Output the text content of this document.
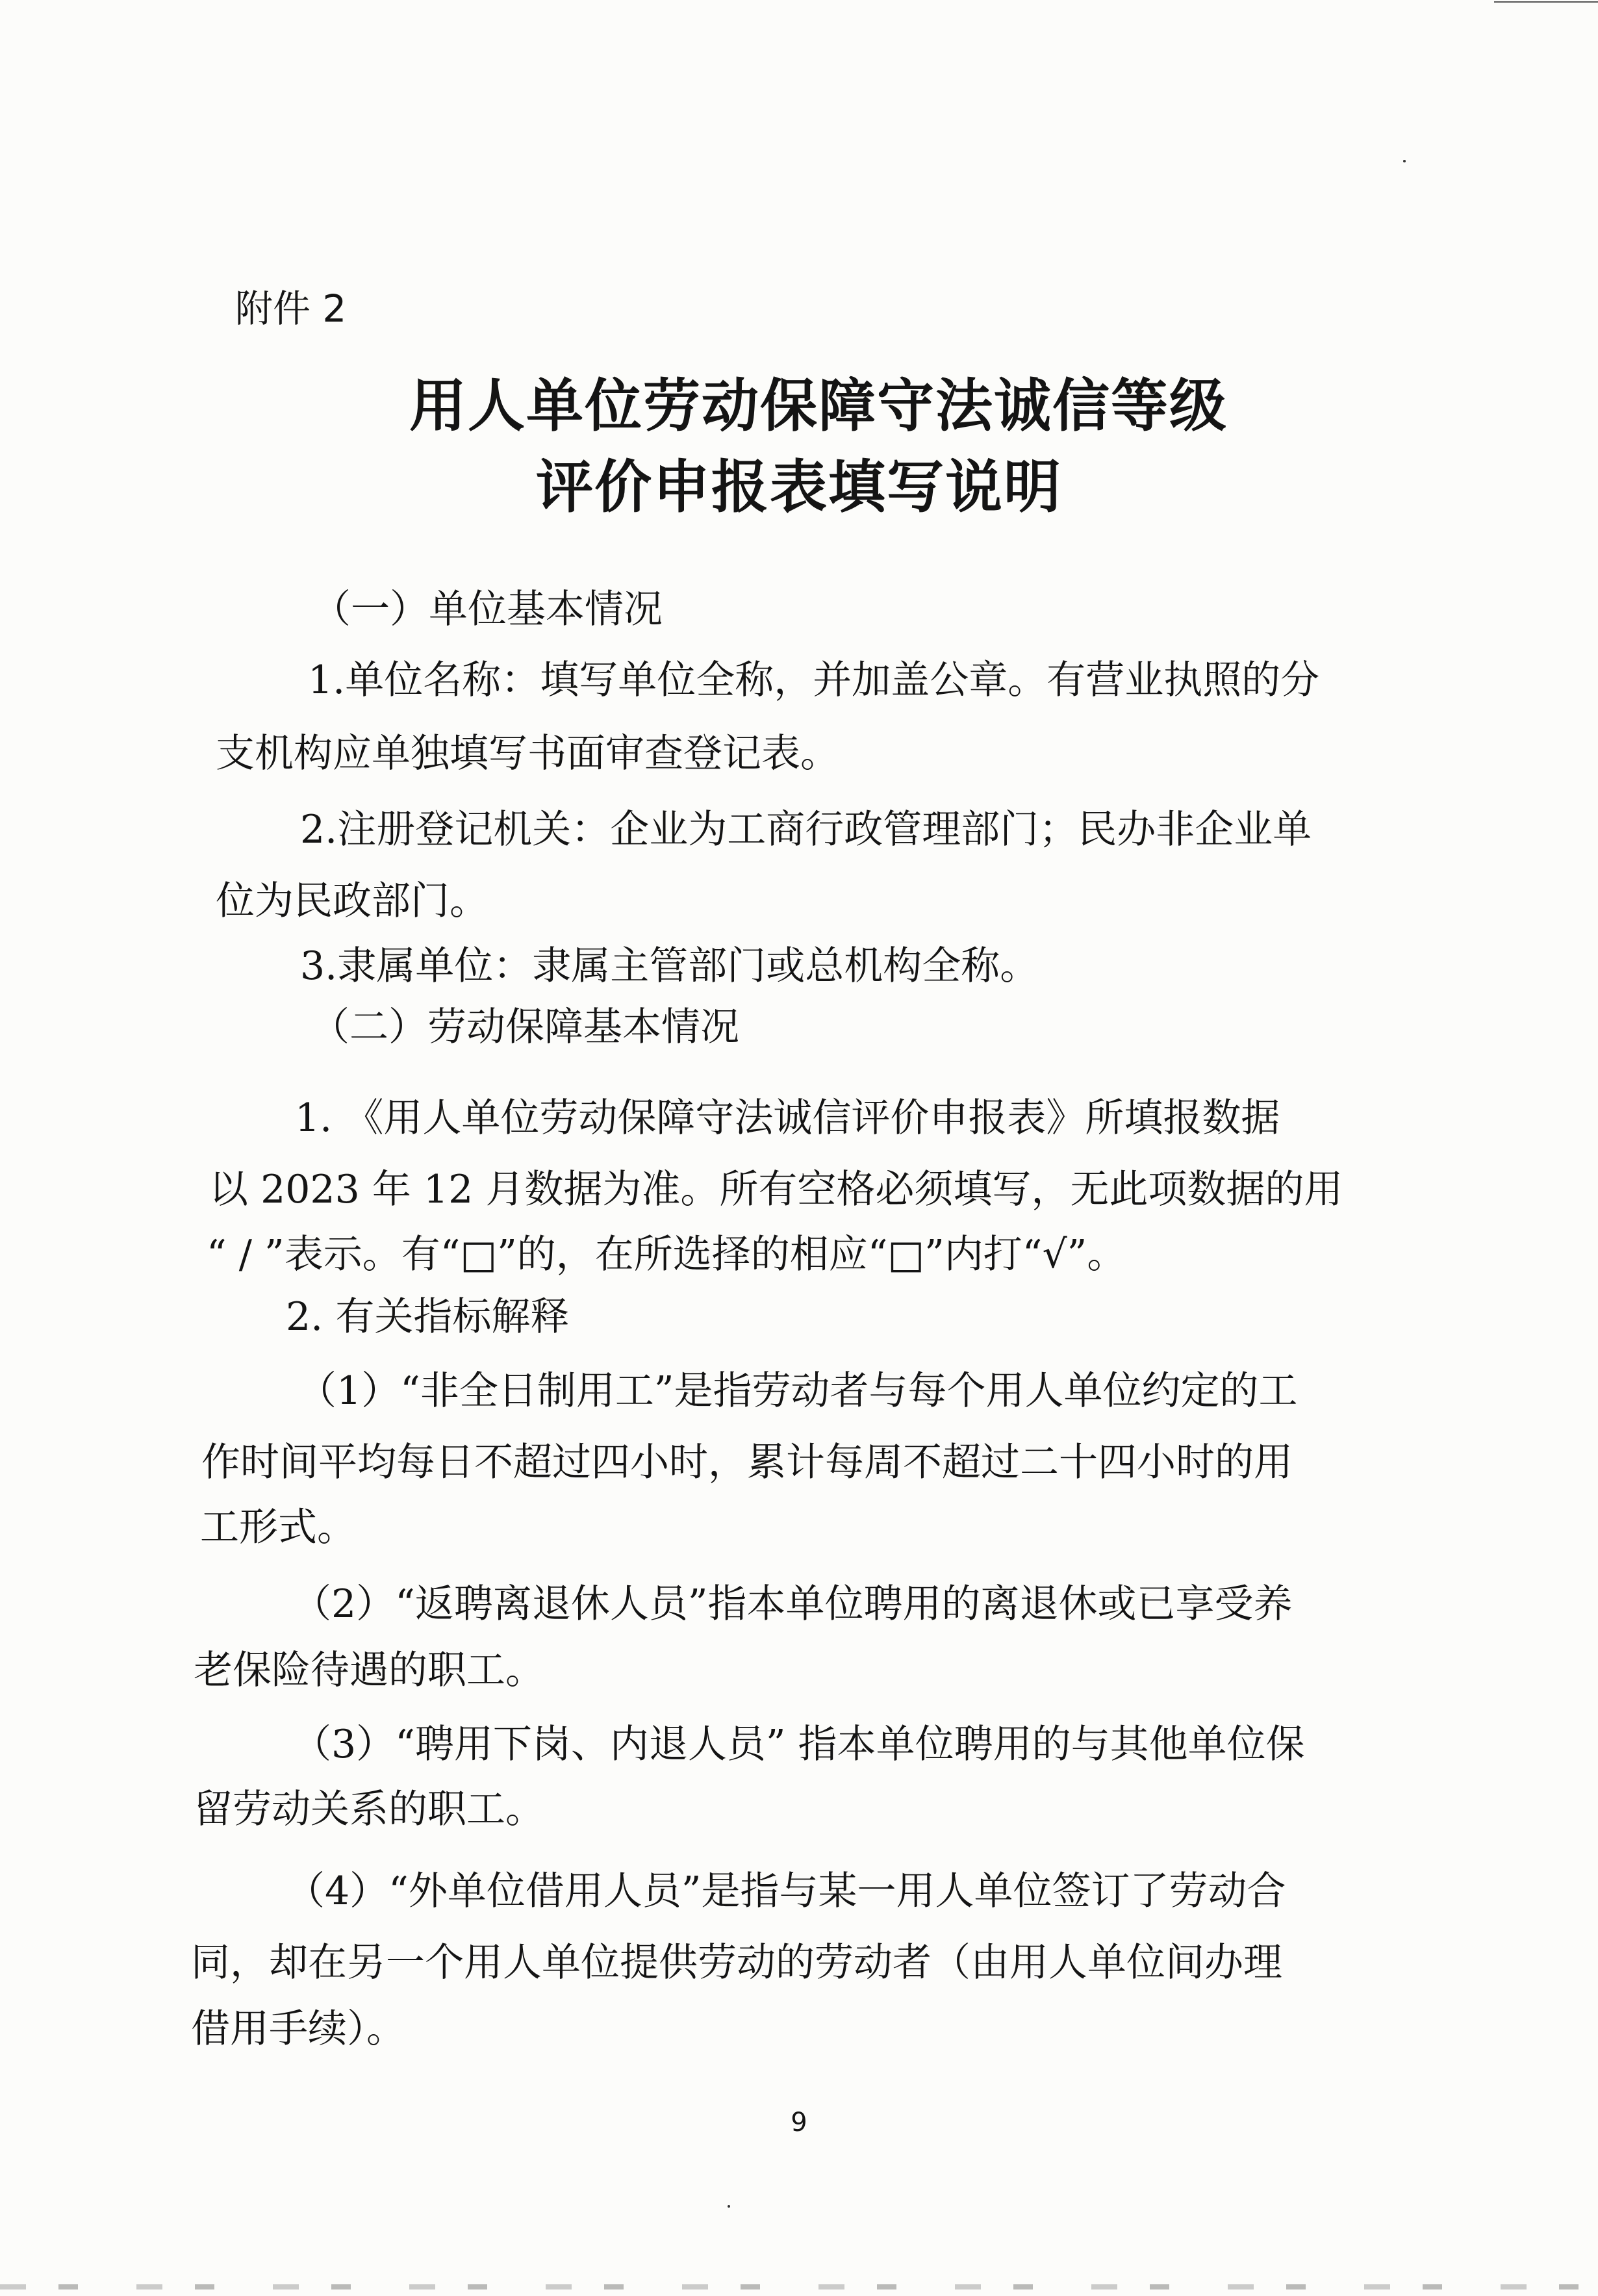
附件 2
用人单位劳动保障守法诚信等级
评价申报表填写说明
（一）单位基本情况
1.单位名称：填写单位全称，并加盖公章。有营业执照的分
支机构应单独填写书面审查登记表。
2.注册登记机关：企业为工商行政管理部门；民办非企业单
位为民政部门。
3.隶属单位：隶属主管部门或总机构全称。
（二）劳动保障基本情况
1. 《用人单位劳动保障守法诚信评价申报表》所填报数据
以 2023 年 12 月数据为准。所有空格必须填写，无此项数据的用
“ / ”表示。有“□”的，在所选择的相应“□”内打“√”。
2. 有关指标解释
（1）“非全日制用工”是指劳动者与每个用人单位约定的工
作时间平均每日不超过四小时，累计每周不超过二十四小时的用
工形式。
（2）“返聘离退休人员”指本单位聘用的离退休或已享受养
老保险待遇的职工。
（3）“聘用下岗、内退人员” 指本单位聘用的与其他单位保
留劳动关系的职工。
（4）“外单位借用人员”是指与某一用人单位签订了劳动合
同，却在另一个用人单位提供劳动的劳动者（由用人单位间办理
借用手续）。
9
